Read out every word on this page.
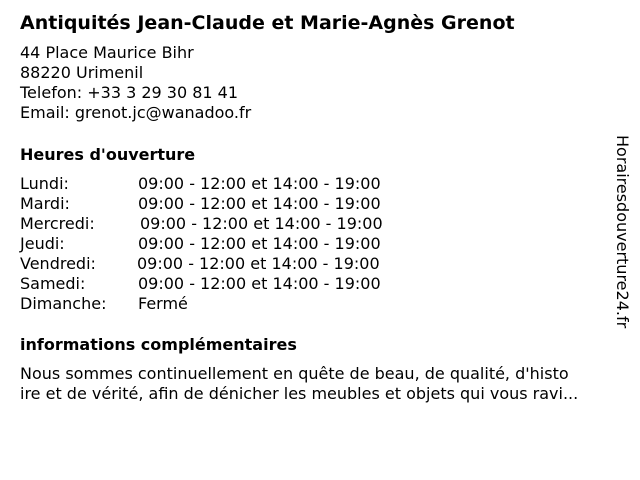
Antiquités Jean-Claude et Marie-Agnès Grenot
44 Place Maurice Bihr
88220 Urimenil
Telefon: +33 3 29 30 81 41
Email: grenot.jc@wanadoo.fr
Heures d'ouverture
Lundi:	09:00 - 12:00 et 14:00 - 19:00
Mardi:	09:00 - 12:00 et 14:00 - 19:00
Mercredi:	09:00 - 12:00 et 14:00 - 19:00
Jeudi:	09:00 - 12:00 et 14:00 - 19:00
Vendredi:	09:00 - 12:00 et 14:00 - 19:00
Samedi:	09:00 - 12:00 et 14:00 - 19:00
Dimanche: Fermé
informations complémentaires
Nous sommes continuellement en quête de beau, de qualité, d'histo
ire et de vérité, afin de dénicher les meubles et objets qui vous ravi...
Horairesdouverture24.fr
